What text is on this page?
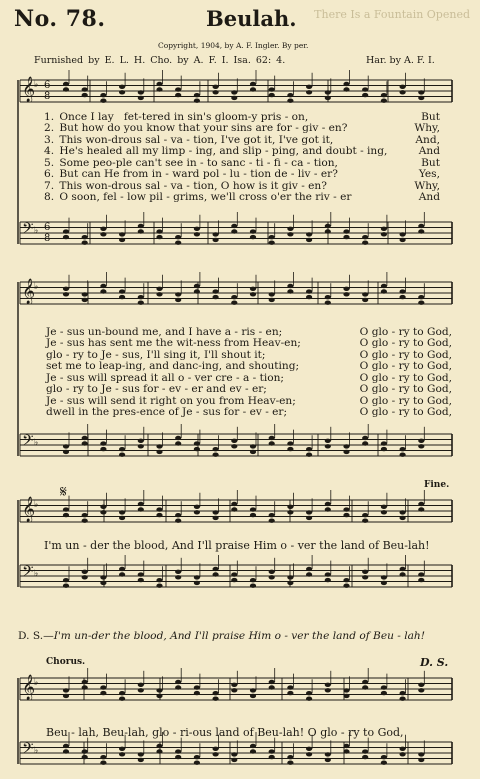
There Is a Fountain Opened
No. 78.	Beulah.
Copyright, 1904, by A. F. Ingler. By per.
Furnished by E. L. H. Cho. by A. F. I. Isa. 62: 4.	Har. by A. F. I.
𝄞
𝄢
♭
♭
𝄞
𝄢
♭
♭
𝄞
𝄢
♭
♭
𝄞
𝄢
♭
♭
6
8
6
8
𝄋
1. Once I lay fet-tered in sin's gloom-y pris - on,	But
2. But how do you know that your sins are for - giv - en?	Why,
3. This won-drous sal - va - tion, I've got it, I've got it,	And,
4. He's healed all my limp - ing, and slip - ping, and doubt - ing,	And
5. Some peo-ple can't see in - to sanc - ti - fi - ca - tion,	But
6. But can He from in - ward pol - lu - tion de - liv - er?	Yes,
7. This won-drous sal - va - tion, O how is it giv - en?	Why,
8. O soon, fel - low pil - grims, we'll cross o'er the riv - er	And
Je - sus un-bound me, and I have a - ris - en;	O glo - ry to God,
Je - sus has sent me the wit-ness from Heav-en;	O glo - ry to God,
glo - ry to Je - sus, I'll sing it, I'll shout it;	O glo - ry to God,
set me to leap-ing, and danc-ing, and shouting;	O glo - ry to God,
Je - sus will spread it all o - ver cre - a - tion;	O glo - ry to God,
glo - ry to Je - sus for - ev - er and ev - er;	O glo - ry to God,
Je - sus will send it right on you from Heav-en;	O glo - ry to God,
dwell in the pres-ence of Je - sus for - ev - er;	O glo - ry to God,
Fine.
I'm un - der the blood, And I'll praise Him o - ver the land of Beu-lah!
D. S.—I'm un-der the blood, And I'll praise Him o - ver the land of Beu - lah!
Chorus.	D. S.
Beu - lah, Beu-lah, glo - ri-ous land of Beu-lah! O glo - ry to God,
